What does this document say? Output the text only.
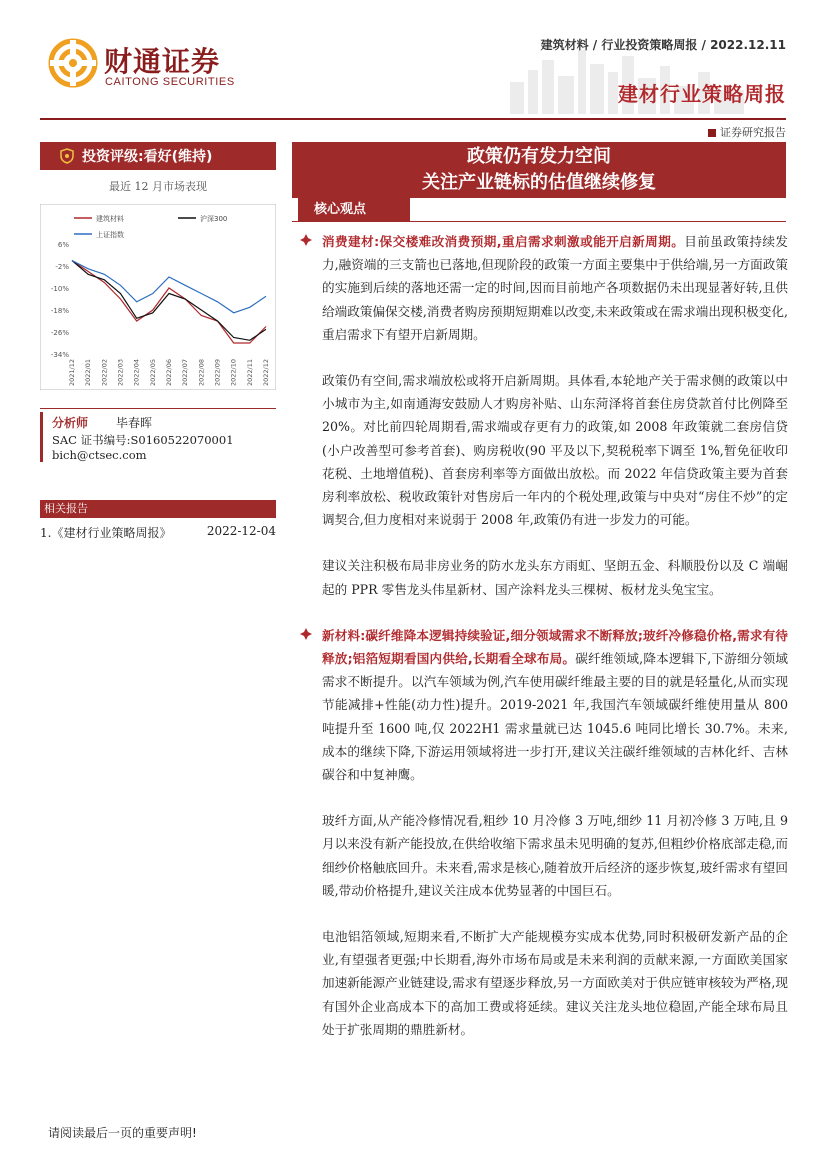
财通证券
CAITONG SECURITIES
建筑材料 / 行业投资策略周报 / 2022.12.11
建材行业策略周报
证券研究报告
投资评级:看好(维持)
最近 12 月市场表现
建筑材料	沪深300
上证指数
6%
-2%
-10%
-18%
-26%
-34%
2021/12 2022/01 2022/02 2022/03 2022/04 2022/05 2022/06 2022/07 2022/08 2022/09 2022/10 2022/11 2022/12
分析师 毕春晖
SAC 证书编号:S0160522070001
bich@ctsec.com
相关报告
1.《建材行业策略周报》	2022-12-04
政策仍有发力空间
关注产业链标的估值继续修复
核心观点
消费建材:保交楼难改消费预期,重启需求刺激或能开启新周期。目前虽政策持续发力,融资端的三支箭也已落地,但现阶段的政策一方面主要集中于供给端,另一方面政策的实施到后续的落地还需一定的时间,因而目前地产各项数据仍未出现显著好转,且供给端政策偏保交楼,消费者购房预期短期难以改变,未来政策或在需求端出现积极变化,重启需求下有望开启新周期。
政策仍有空间,需求端放松或将开启新周期。具体看,本轮地产关于需求侧的政策以中小城市为主,如南通海安鼓励人才购房补贴、山东菏泽将首套住房贷款首付比例降至 20%。对比前四轮周期看,需求端或存更有力的政策,如 2008 年政策就二套房信贷(小户改善型可参考首套)、购房税收(90 平及以下,契税税率下调至 1%,暂免征收印花税、土地增值税)、首套房利率等方面做出放松。而 2022 年信贷政策主要为首套房利率放松、税收政策针对售房后一年内的个税处理,政策与中央对“房住不炒”的定调契合,但力度相对来说弱于 2008 年,政策仍有进一步发力的可能。
建议关注积极布局非房业务的防水龙头东方雨虹、坚朗五金、科顺股份以及 C 端崛起的 PPR 零售龙头伟星新材、国产涂料龙头三棵树、板材龙头兔宝宝。
新材料:碳纤维降本逻辑持续验证,细分领域需求不断释放;玻纤冷修稳价格,需求有待释放;铝箔短期看国内供给,长期看全球布局。碳纤维领域,降本逻辑下,下游细分领域需求不断提升。以汽车领域为例,汽车使用碳纤维最主要的目的就是轻量化,从而实现节能减排+性能(动力性)提升。2019-2021 年,我国汽车领域碳纤维使用量从 800 吨提升至 1600 吨,仅 2022H1 需求量就已达 1045.6 吨同比增长 30.7%。未来,成本的继续下降,下游运用领域将进一步打开,建议关注碳纤维领域的吉林化纤、吉林碳谷和中复神鹰。
玻纤方面,从产能冷修情况看,粗纱 10 月冷修 3 万吨,细纱 11 月初冷修 3 万吨,且 9 月以来没有新产能投放,在供给收缩下需求虽未见明确的复苏,但粗纱价格底部走稳,而细纱价格触底回升。未来看,需求是核心,随着放开后经济的逐步恢复,玻纤需求有望回暖,带动价格提升,建议关注成本优势显著的中国巨石。
电池铝箔领域,短期来看,不断扩大产能规模夯实成本优势,同时积极研发新产品的企业,有望强者更强;中长期看,海外市场布局或是未来利润的贡献来源,一方面欧美国家加速新能源产业链建设,需求有望逐步释放,另一方面欧美对于供应链审核较为严格,现有国外企业高成本下的高加工费或将延续。建议关注龙头地位稳固,产能全球布局且处于扩张周期的鼎胜新材。
请阅读最后一页的重要声明!
